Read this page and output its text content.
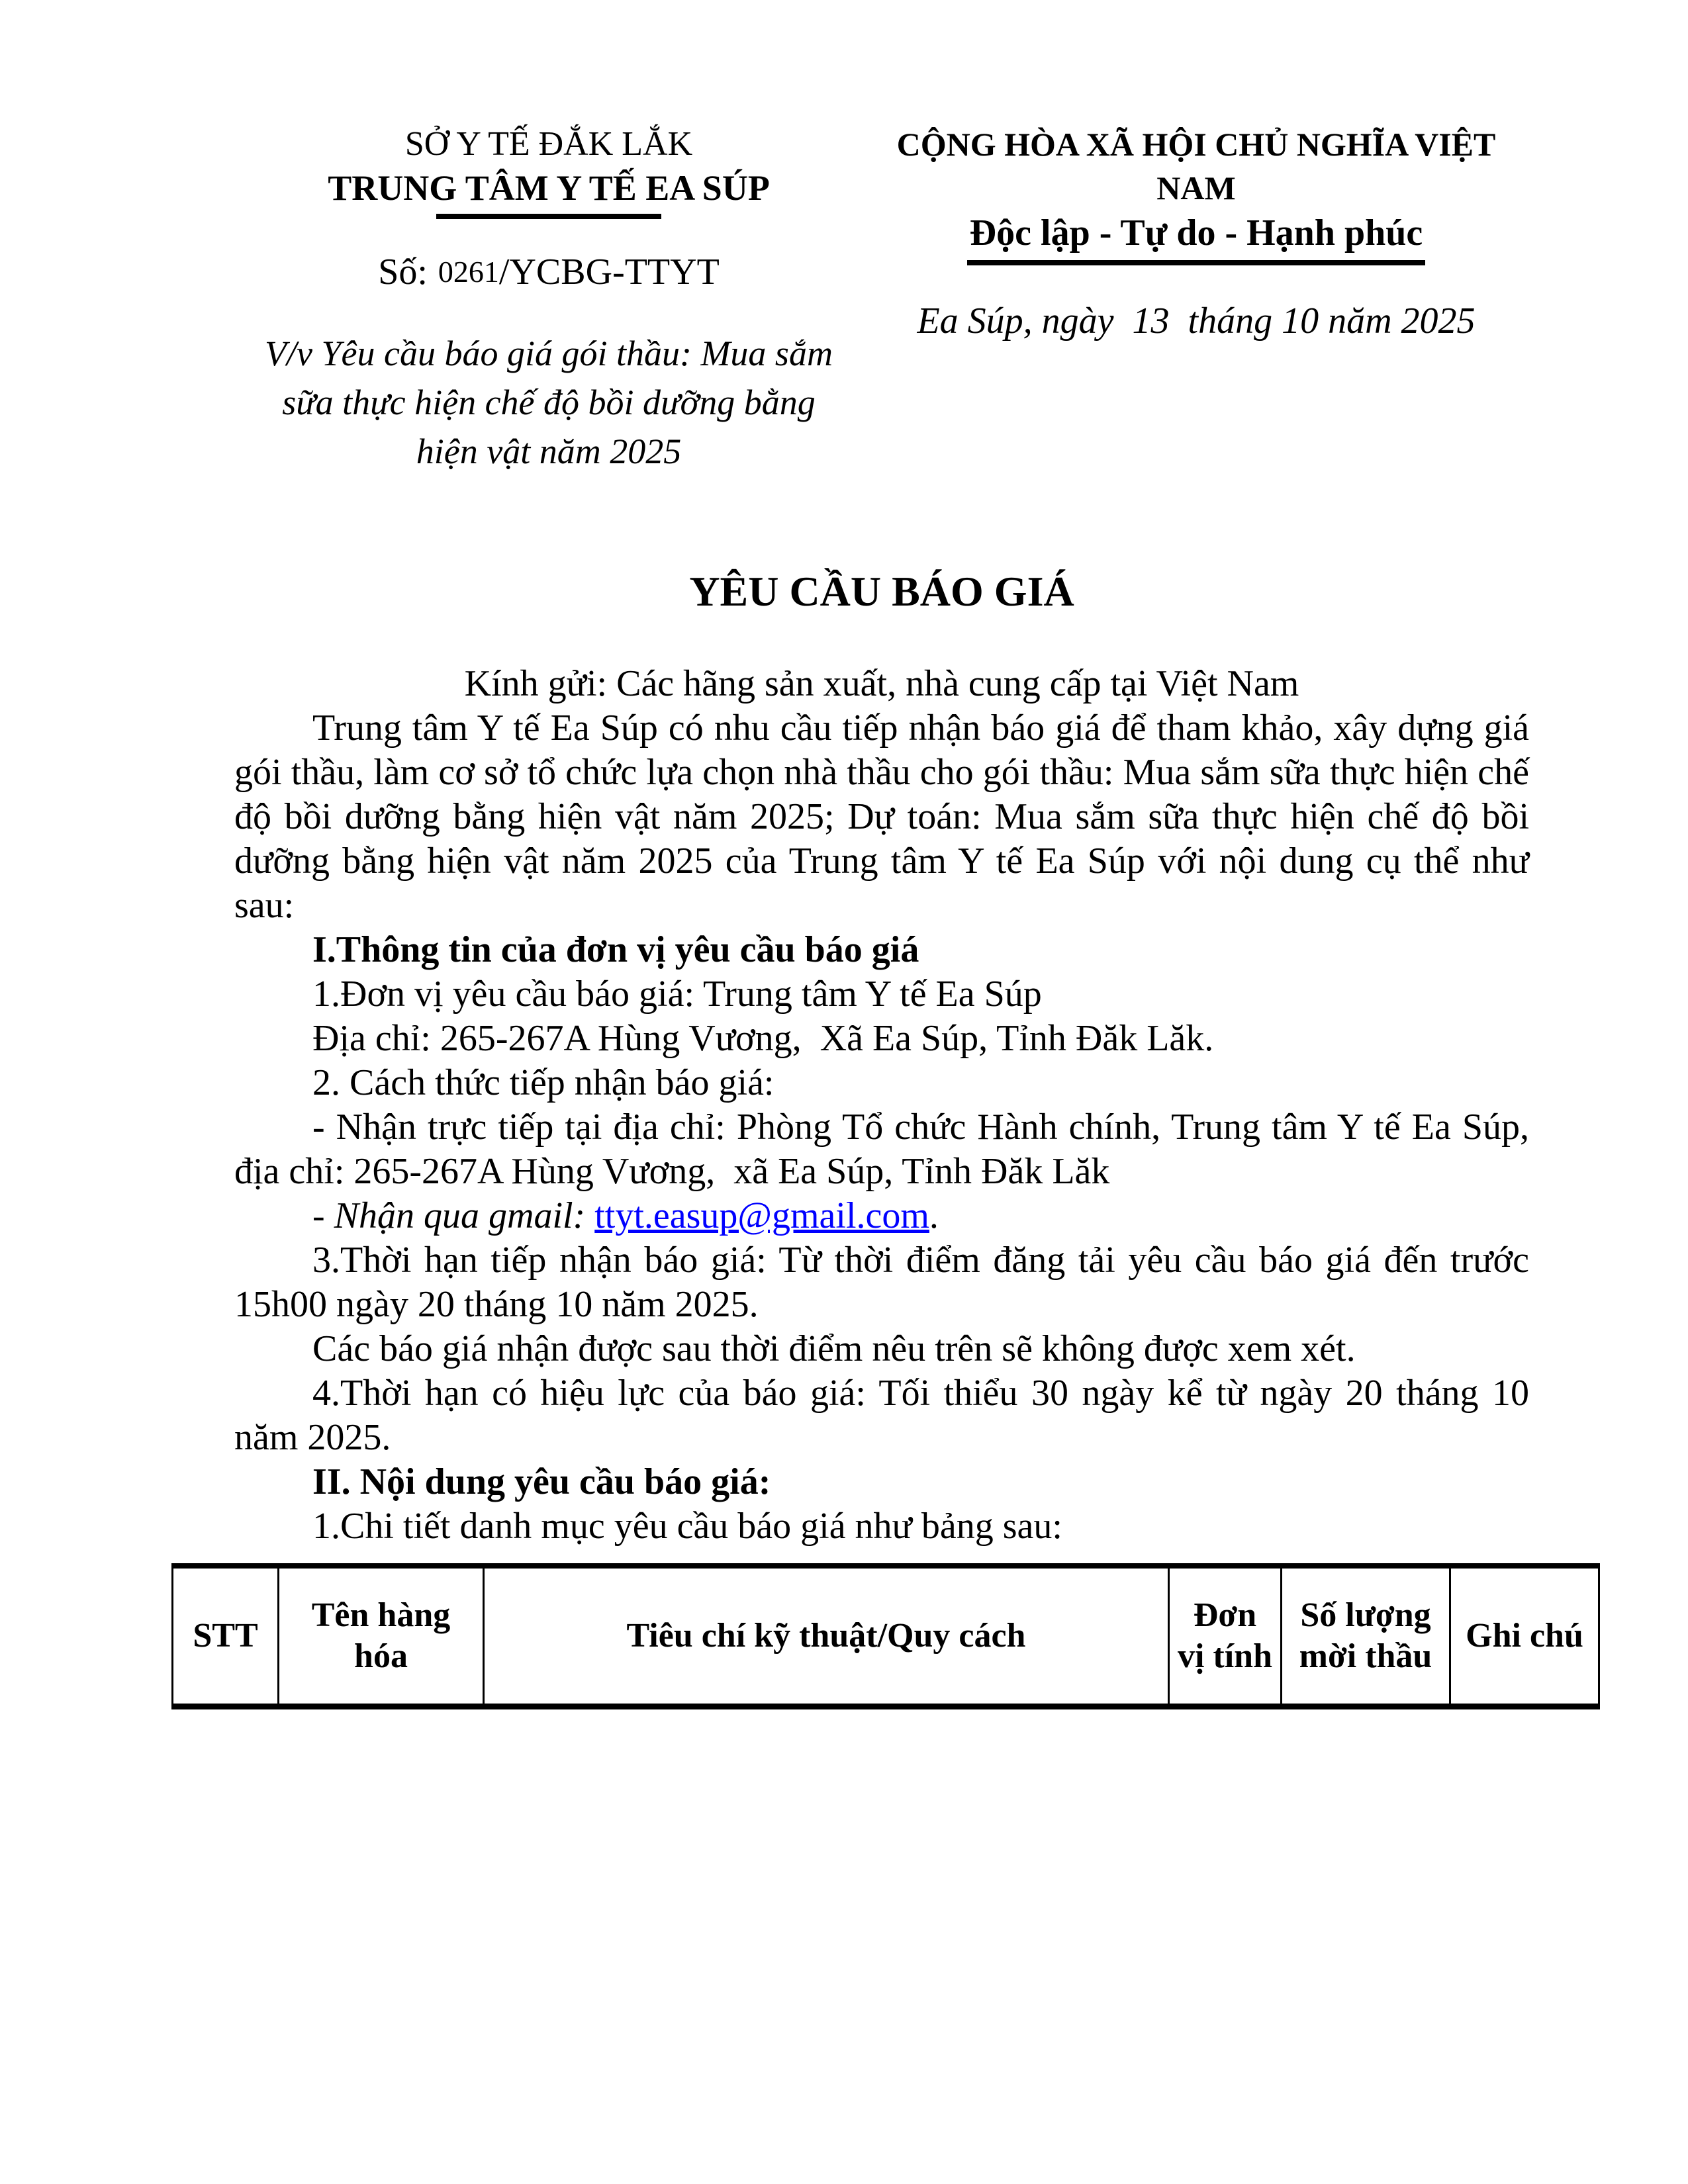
SỞ Y TẾ ĐẮK LẮK
TRUNG TÂM Y TẾ EA SÚP
Số: 0261/YCBG-TTYT
V/v Yêu cầu báo giá gói thầu: Mua sắm
sữa thực hiện chế độ bồi dưỡng bằng
hiện vật năm 2025
CỘNG HÒA XÃ HỘI CHỦ NGHĨA VIỆT NAM
Độc lập - Tự do - Hạnh phúc
Ea Súp, ngày  13  tháng 10 năm 2025
YÊU CẦU BÁO GIÁ
Kính gửi: Các hãng sản xuất, nhà cung cấp tại Việt Nam

Trung tâm Y tế Ea Súp có nhu cầu tiếp nhận báo giá để tham khảo, xây dựng giá gói thầu, làm cơ sở tổ chức lựa chọn nhà thầu cho gói thầu: Mua sắm sữa thực hiện chế độ bồi dưỡng bằng hiện vật năm 2025; Dự toán: Mua sắm sữa thực hiện chế độ bồi dưỡng bằng hiện vật năm 2025 của Trung tâm Y tế Ea Súp với nội dung cụ thể như sau:

I.Thông tin của đơn vị yêu cầu báo giá

1.Đơn vị yêu cầu báo giá: Trung tâm Y tế Ea Súp

Địa chỉ: 265-267A Hùng Vương,  Xã Ea Súp, Tỉnh Đăk Lăk.

2. Cách thức tiếp nhận báo giá:

- Nhận trực tiếp tại địa chỉ: Phòng Tổ chức Hành chính, Trung tâm Y tế Ea Súp, địa chỉ: 265-267A Hùng Vương,  xã Ea Súp, Tỉnh Đăk Lăk

- Nhận qua gmail: ttyt.easup@gmail.com.

3.Thời hạn tiếp nhận báo giá: Từ thời điểm đăng tải yêu cầu báo giá đến trước 15h00 ngày 20 tháng 10 năm 2025.

Các báo giá nhận được sau thời điểm nêu trên sẽ không được xem xét.

4.Thời hạn có hiệu lực của báo giá: Tối thiểu 30 ngày kể từ ngày 20 tháng 10 năm 2025.

II. Nội dung yêu cầu báo giá:

1.Chi tiết danh mục yêu cầu báo giá như bảng sau:

STT	Tên hàng hóa	Tiêu chí kỹ thuật/Quy cách	Đơn vị tính	Số lượng mời thầu	Ghi chú
